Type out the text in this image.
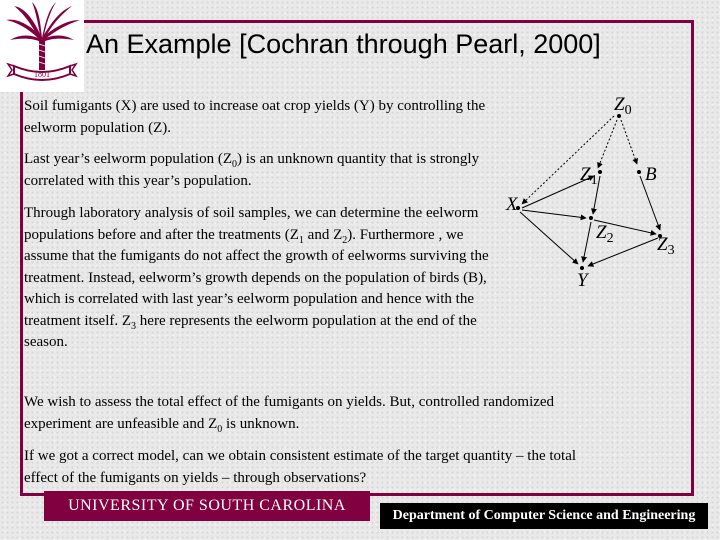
1801
An Example [Cochran through Pearl, 2000]

Soil fumigants (X) are used to increase oat crop yields (Y) by controlling the eelworm population (Z).

Last year’s eelworm population $(Z_0)$ is an unknown quantity that is strongly correlated with this year’s population.

Through laboratory analysis of soil samples, we can determine the eelworm populations before and after the treatments ($Z_1$ and $Z_2$). Furthermore , we assume that the fumigants do not affect the growth of eelworms surviving the treatment. Instead, eelworm’s growth depends on the population of birds (B), which is correlated with last year’s eelworm population and hence with the treatment itself. $Z_3$ here represents the eelworm population at the end of the season.

We wish to assess the total effect of the fumigants on yields. But, controlled randomized experiment are unfeasible and $Z_0$ is unknown.

If we got a correct model, can we obtain consistent estimate of the target quantity – the total effect of the fumigants on yields – through observations?

$Z_0$
$Z_1$ B
X
$Z_2$ $Z_3$
Y
UNIVERSITY OF SOUTH CAROLINA
Department of Computer Science and Engineering
